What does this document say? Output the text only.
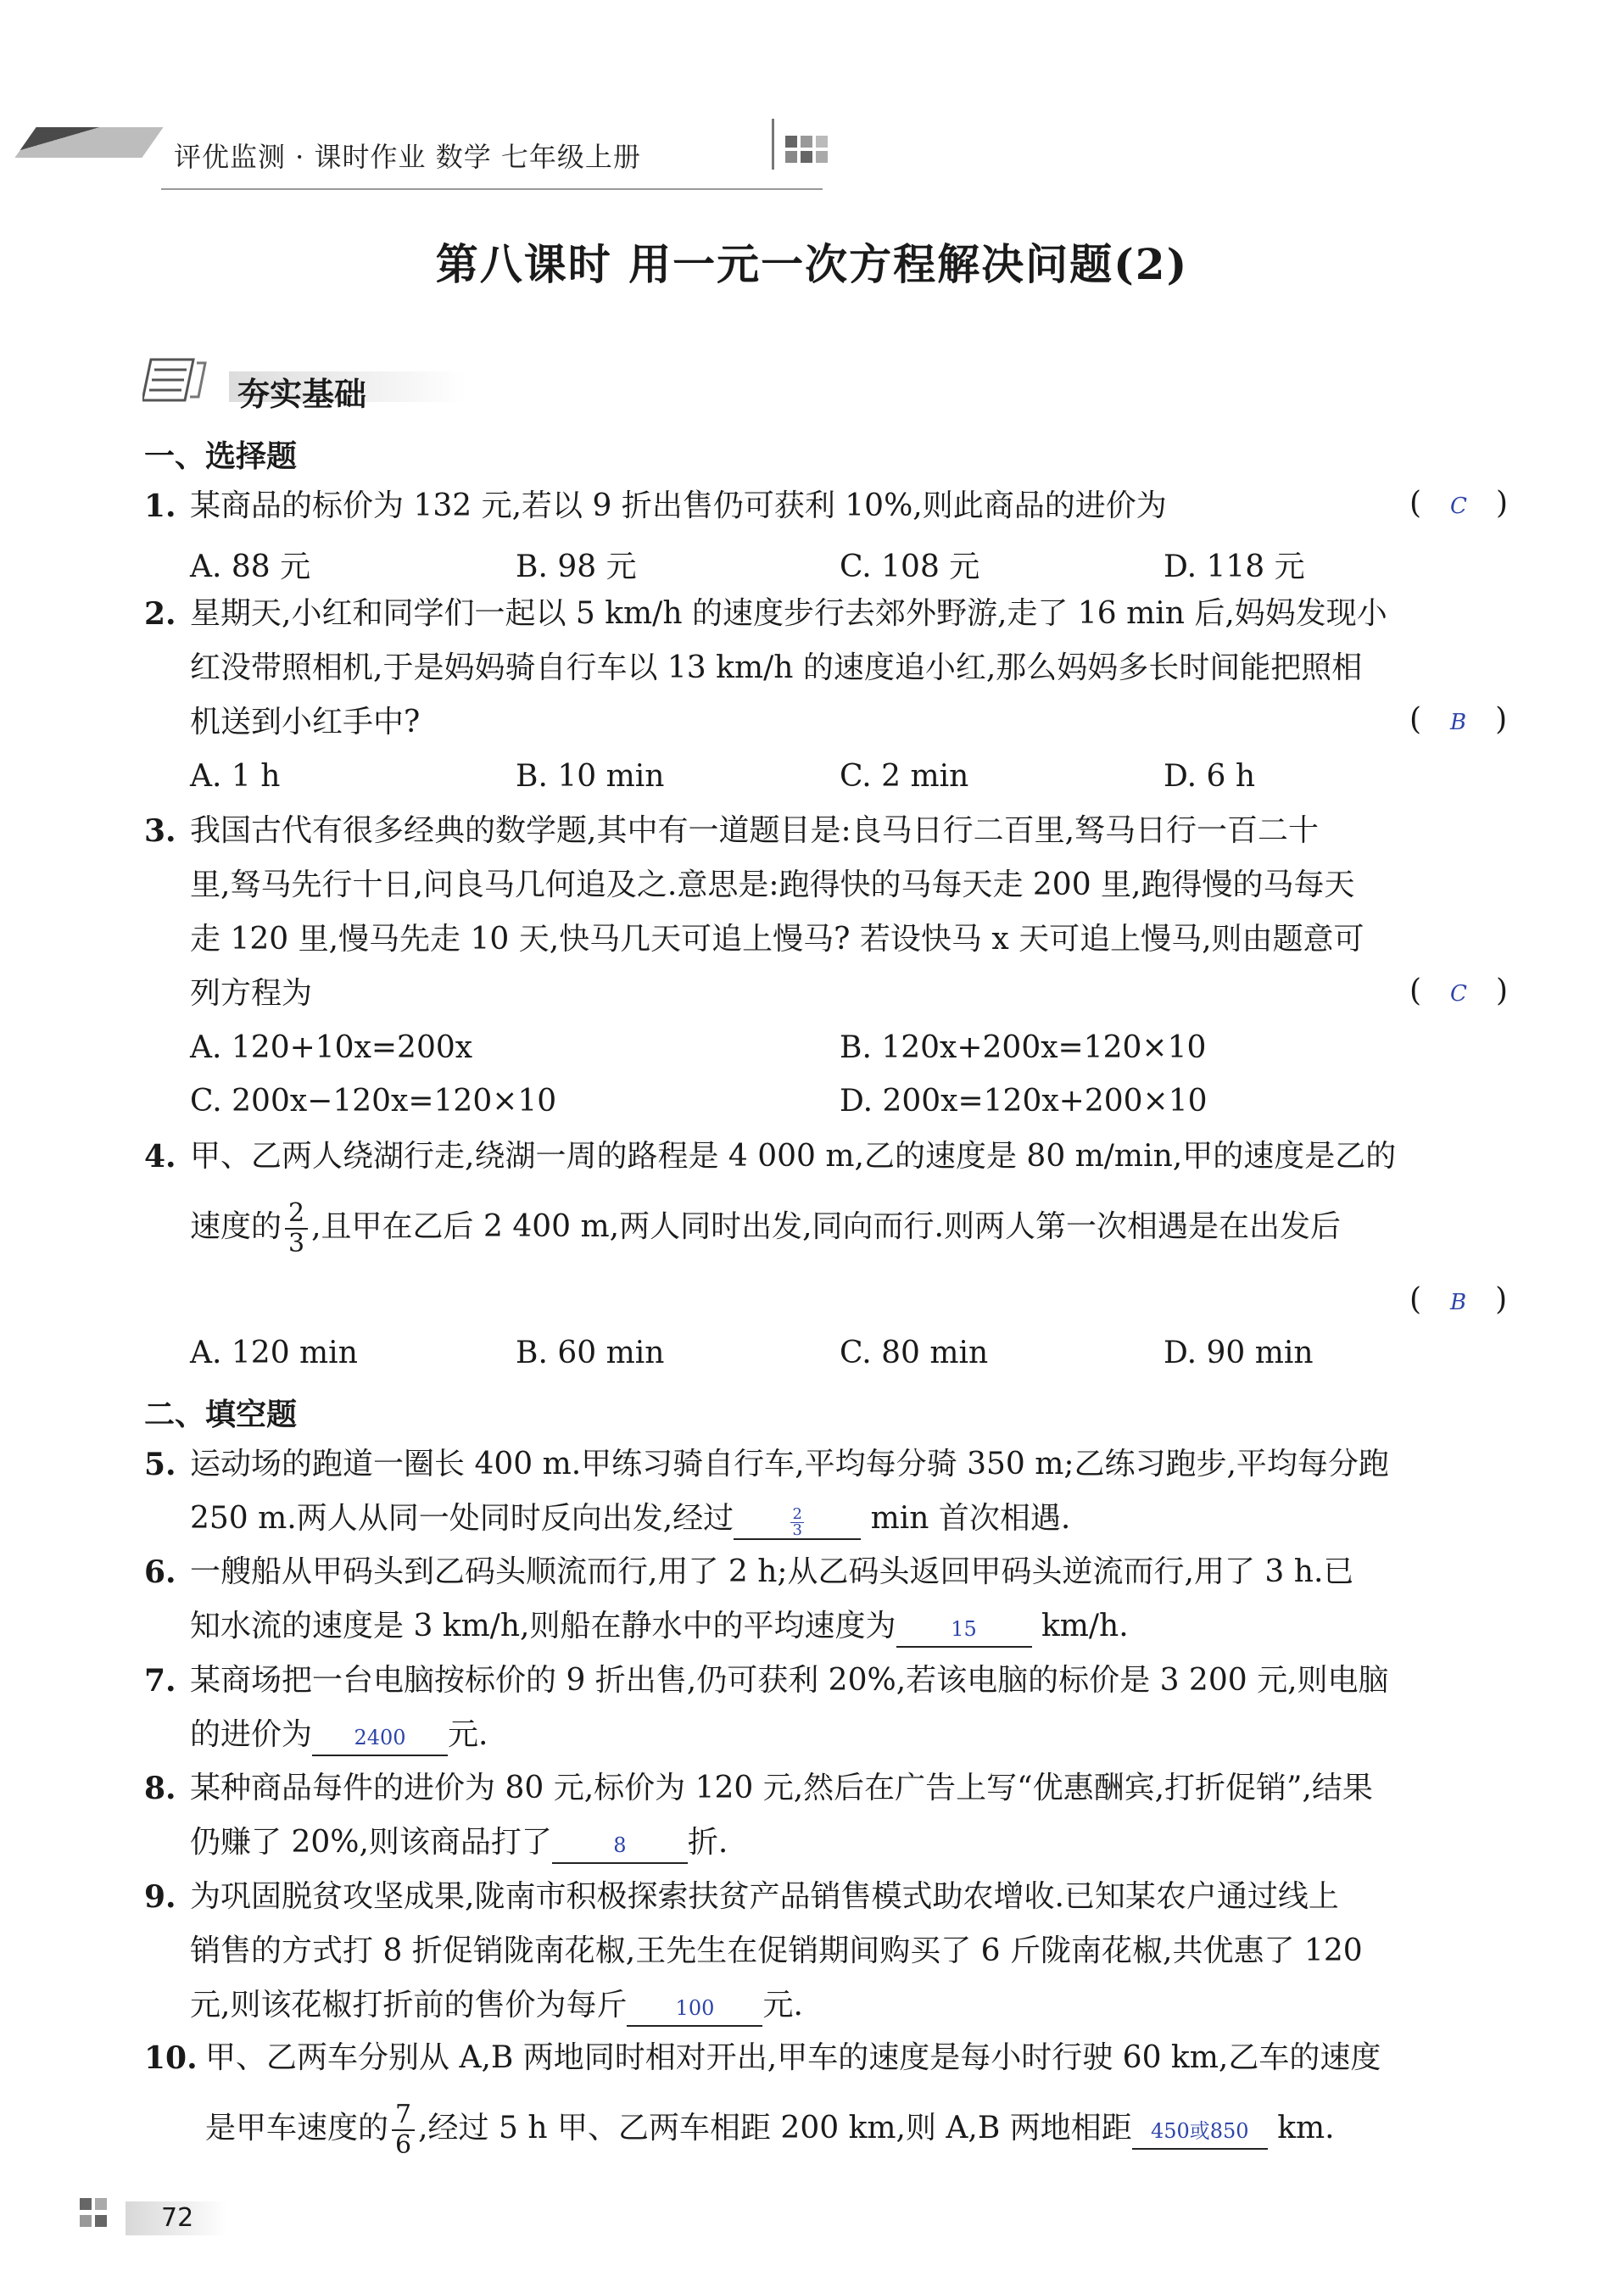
评优监测 · 课时作业 数学 七年级上册
第八课时 用一元一次方程解决问题(2)
夯实基础
一、选择题
1. 某商品的标价为 132 元,若以 9 折出售仍可获利 10%,则此商品的进价为	( C )
A. 88 元	B. 98 元	C. 108 元	D. 118 元
2. 星期天,小红和同学们一起以 5 km/h 的速度步行去郊外野游,走了 16 min 后,妈妈发现小
红没带照相机,于是妈妈骑自行车以 13 km/h 的速度追小红,那么妈妈多长时间能把照相
机送到小红手中?	( B )
A. 1 h	B. 10 min	C. 2 min	D. 6 h
3. 我国古代有很多经典的数学题,其中有一道题目是:良马日行二百里,驽马日行一百二十
里,驽马先行十日,问良马几何追及之.意思是:跑得快的马每天走 200 里,跑得慢的马每天
走 120 里,慢马先走 10 天,快马几天可追上慢马? 若设快马 x 天可追上慢马,则由题意可
列方程为	( C )
A. 120+10x=200x	B. 120x+200x=120×10
C. 200x−120x=120×10	D. 200x=120x+200×10
4. 甲、乙两人绕湖行走,绕湖一周的路程是 4 000 m,乙的速度是 80 m/min,甲的速度是乙的
速度的 $\frac{2}{3}$ ,且甲在乙后 2 400 m,两人同时出发,同向而行.则两人第一次相遇是在出发后
( B )
A. 120 min	B. 60 min	C. 80 min	D. 90 min
二、填空题
5. 运动场的跑道一圈长 400 m.甲练习骑自行车,平均每分骑 350 m;乙练习跑步,平均每分跑
250 m.两人从同一处同时反向出发,经过	$\frac{2}{3}$ min 首次相遇.
6. 一艘船从甲码头到乙码头顺流而行,用了 2 h;从乙码头返回甲码头逆流而行,用了 3 h.已
知水流的速度是 3 km/h,则船在静水中的平均速度为	15 km/h.
7. 某商场把一台电脑按标价的 9 折出售,仍可获利 20%,若该电脑的标价是 3 200 元,则电脑
的进价为 2400 元.
8. 某种商品每件的进价为 80 元,标价为 120 元,然后在广告上写“优惠酬宾,打折促销”,结果
仍赚了 20%,则该商品打了	8 折.
9. 为巩固脱贫攻坚成果,陇南市积极探索扶贫产品销售模式助农增收.已知某农户通过线上
销售的方式打 8 折促销陇南花椒,王先生在促销期间购买了 6 斤陇南花椒,共优惠了 120
元,则该花椒打折前的售价为每斤 100 元.
10. 甲、乙两车分别从 A,B 两地同时相对开出,甲车的速度是每小时行驶 60 km,乙车的速度
是甲车速度的 $\frac{7}{6}$ ,经过 5 h 甲、乙两车相距 200 km,则 A,B 两地相距 450或850 km.
72
